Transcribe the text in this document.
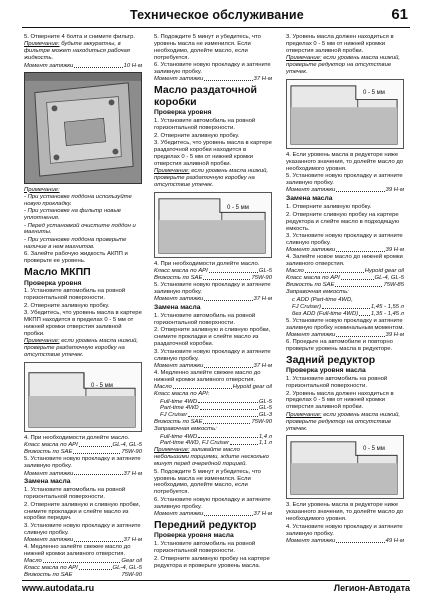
Техническое обслуживание	61

5. Отверните 4 болта и снимите фильтр.

Примечание: будьте аккуратны, в фильтре может находиться рабочая жидкость.

Момент затяжки	10 Н·м

Примечание:

- При установке поддона используйте новую прокладку.

- При установке на фильтр новые уплотнения.

- Перед установкой очистите поддон и магниты.

- При установке поддона проверьте наличие в нем магнитов.

6. Залейте рабочую жидкость АКПП и проверьте ее уровень.

Масло МКПП
Проверка уровня

1. Установите автомобиль на ровной горизонтальной поверхности.

2. Отверните заливную пробку.

3. Убедитесь, что уровень масла в картере МКПП находится в пределах 0 - 5 мм от нижней кромки отверстия заливной пробки.

Примечание: если уровень масла низкий, проверьте раздаточную коробку на отсутствие утечек.

0 - 5 мм

4. При необходимости долейте масло.

Класс масла по API	GL-4, GL-5
Вязкость по SAE	75W-90

5. Установите новую прокладку и затяните заливную пробку.

Момент затяжки	37 Н·м
Замена масла

1. Установите автомобиль на ровной горизонтальной поверхности.

2. Отверните заливную и сливную пробки, снимите прокладки и слейте масло из коробки передач.

3. Установите новую прокладку и затяните сливную пробку.

Момент затяжки	37 Н·м

4. Медленно залейте свежее масло до нижней кромки заливного отверстия.

Масло	Gear oil
Класс масла по API	GL-4, GL-5
Вязкость по SAE	75W-90

5. Подождите 5 минут и убедитесь, что уровень масла не изменился. Если необходимо, долейте масло, если потребуется.

6. Установите новую прокладку и затяните заливную пробку.

Момент затяжки	37 Н·м
Масло раздаточной коробки
Проверка уровня

1. Установите автомобиль на ровной горизонтальной поверхности.

2. Отверните заливную пробку.

3. Убедитесь, что уровень масла в картере раздаточной коробки находится в пределах 0 - 5 мм от нижней кромки отверстия заливной пробки.

Примечание: если уровень масла низкий, проверьте раздаточную коробку на отсутствие утечек.

0 - 5 мм

4. При необходимости долейте масло.

Класс масла по API	GL-5
Вязкость по SAE	75W-90

5. Установите новую прокладку и затяните заливную пробку.

Момент затяжки	37 Н·м
Замена масла

1. Установите автомобиль на ровной горизонтальной поверхности.

2. Отверните заливную и сливную пробки, снимите прокладки и слейте масло из раздаточной коробки.

3. Установите новую прокладку и затяните сливную пробку.

Момент затяжки	37 Н·м

4. Медленно залейте свежее масло до нижней кромки заливного отверстия.

Масло	Hypoid gear oil

Класс масла по API:

Full-time 4WD	GL-5
Part-time 4WD	GL-5
FJ Cruiser	GL-3
Вязкость по SAE	75W-90

Заправочная емкость:

Full-time 4WD	1,4 л
Part-time 4WD, FJ Cruiser	1,1 л

Примечание: заливайте масло небольшими порциями, ждите несколько минут перед очередной порцией.

5. Подождите 5 минут и убедитесь, что уровень масла не изменился. Если необходимо, долейте масло, если потребуется.

6. Установите новую прокладку и затяните заливную пробку.

Момент затяжки	37 Н·м
Передний редуктор
Проверка уровня масла

1. Установите автомобиль на ровной горизонтальной поверхности.

2. Отверните заливную пробку на картере редуктора и проверьте уровень масла.

3. Уровень масла должен находиться в пределах 0 - 5 мм от нижней кромки отверстия заливной пробки.

Примечание: если уровень масла низкий, проверьте редуктор на отсутствие утечек.

0 - 5 мм

4. Если уровень масла в редукторе ниже указанного значения, то долейте масло до необходимого уровня.

5. Установите новую прокладку и затяните заливную пробку.

Момент затяжки	39 Н·м
Замена масла

1. Отверните заливную пробку.

2. Отверните сливную пробку на картере редуктора и слейте масло в подходящую емкость.

3. Установите новую прокладку и затяните сливную пробку.

Момент затяжки	39 Н·м

4. Залейте новое масло до нижней кромки заливного отверстия.

Масло	Hypoid gear oil
Класс масла по API	GL-4, GL-5
Вязкость по SAE	75W-85

Заправочная емкость:

с ADD (Part-time 4WD,

FJ Cruiser)	1,45 - 1,55 л
без ADD (Full-time 4WD) 1,35 - 1,45 л

5. Установите новую прокладку и затяните заливную пробку номинальным моментом.

Момент затяжки	39 Н·м

6. Проедьте на автомобиле и повторно проверьте уровень масла в редукторе.

Задний редуктор
Проверка уровня масла

1. Установите автомобиль на ровной горизонтальной поверхности.

2. Уровень масла должен находиться в пределах 0 - 5 мм от нижней кромки отверстия заливной пробки.

Примечание: если уровень масла низкий, проверьте редуктор на отсутствие утечек.

0 - 5 мм

3. Если уровень масла в редукторе ниже указанного значения, то долейте масло до необходимого уровня.

4. Установите новую прокладку и затяните заливную пробку.

Момент затяжки	49 Н·м
www.autodata.ru	Легион-Автодата
